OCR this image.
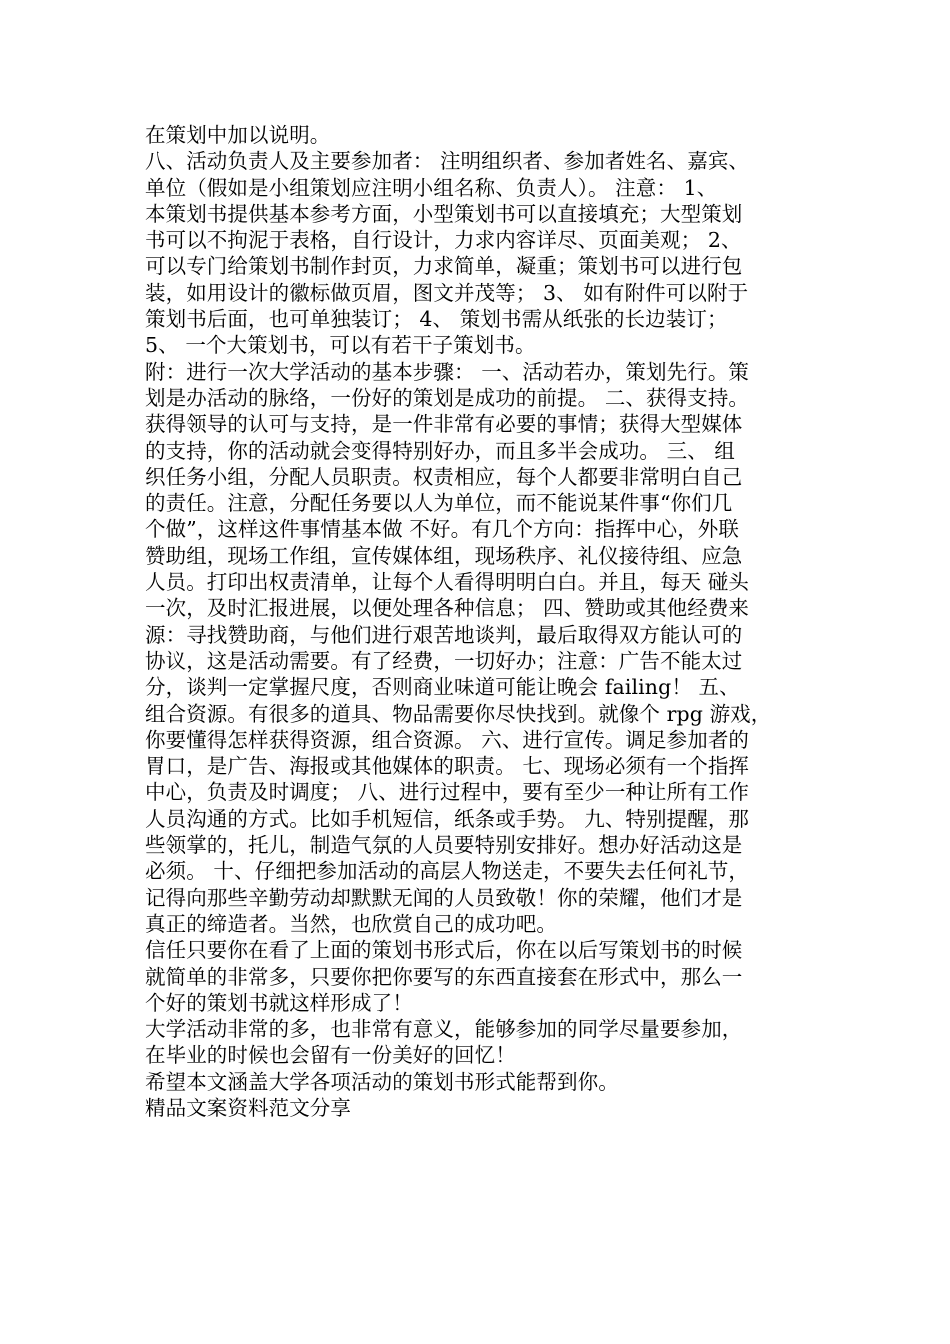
在策划中加以说明。
八、活动负责人及主要参加者： 注明组织者、参加者姓名、嘉宾、
单位（假如是小组策划应注明小组名称、负责人）。 注意： 1、
本策划书提供基本参考方面，小型策划书可以直接填充；大型策划
书可以不拘泥于表格，自行设计，力求内容详尽、页面美观； 2、
可以专门给策划书制作封页，力求简单，凝重；策划书可以进行包
装，如用设计的徽标做页眉，图文并茂等； 3、 如有附件可以附于
策划书后面，也可单独装订； 4、 策划书需从纸张的长边装订；
5、 一个大策划书，可以有若干子策划书。
附：进行一次大学活动的基本步骤： 一、活动若办，策划先行。策
划是办活动的脉络，一份好的策划是成功的前提。 二、获得支持。
获得领导的认可与支持，是一件非常有必要的事情；获得大型媒体
的支持，你的活动就会变得特别好办，而且多半会成功。 三、 组
织任务小组，分配人员职责。权责相应，每个人都要非常明白自己
的责任。注意，分配任务要以人为单位，而不能说某件事“你们几
个做”，这样这件事情基本做 不好。有几个方向：指挥中心，外联
赞助组，现场工作组，宣传媒体组，现场秩序、礼仪接待组、应急
人员。打印出权责清单，让每个人看得明明白白。并且，每天 碰头
一次，及时汇报进展，以便处理各种信息； 四、赞助或其他经费来
源：寻找赞助商，与他们进行艰苦地谈判，最后取得双方能认可的
协议，这是活动需要。有了经费，一切好办；注意：广告不能太过
分，谈判一定掌握尺度，否则商业味道可能让晚会 failing！ 五、
组合资源。有很多的道具、物品需要你尽快找到。就像个 rpg 游戏，
你要懂得怎样获得资源，组合资源。 六、进行宣传。调足参加者的
胃口，是广告、海报或其他媒体的职责。 七、现场必须有一个指挥
中心，负责及时调度； 八、进行过程中，要有至少一种让所有工作
人员沟通的方式。比如手机短信，纸条或手势。 九、特别提醒，那
些领掌的，托儿，制造气氛的人员要特别安排好。想办好活动这是
必须。 十、仔细把参加活动的高层人物送走，不要失去任何礼节，
记得向那些辛勤劳动却默默无闻的人员致敬！你的荣耀，他们才是
真正的缔造者。当然，也欣赏自己的成功吧。
信任只要你在看了上面的策划书形式后，你在以后写策划书的时候
就简单的非常多，只要你把你要写的东西直接套在形式中，那么一
个好的策划书就这样形成了！
大学活动非常的多，也非常有意义，能够参加的同学尽量要参加，
在毕业的时候也会留有一份美好的回忆！
希望本文涵盖大学各项活动的策划书形式能帮到你。
精品文案资料范文分享
